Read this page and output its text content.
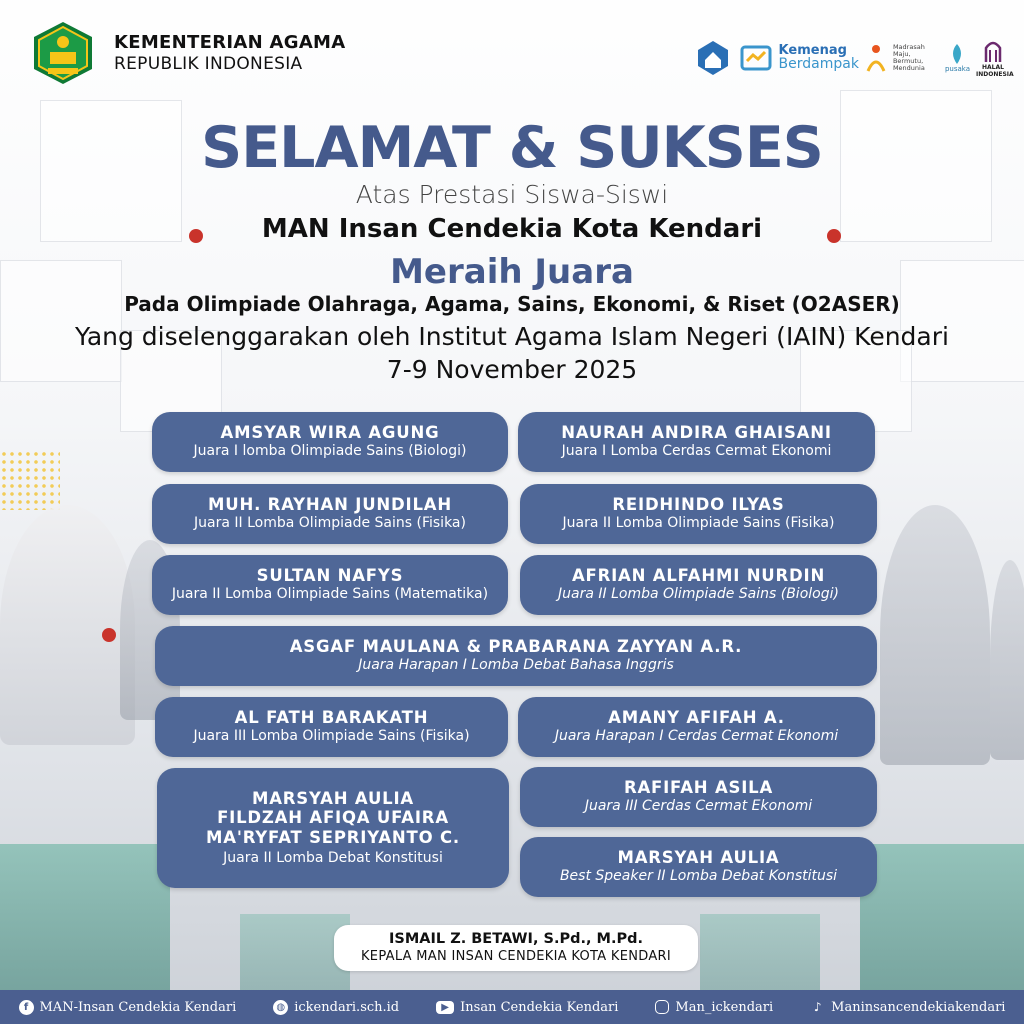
KEMENTERIAN AGAMA
REPUBLIK INDONESIA
Kemenag
Berdampak
Madrasah Maju, Bermutu, Mendunia	pusaka	HALAL INDONESIA
SELAMAT & SUKSES
Atas Prestasi Siswa-Siswi
MAN Insan Cendekia Kota Kendari
Meraih Juara
Pada Olimpiade Olahraga, Agama, Sains, Ekonomi, & Riset (O2ASER)
Yang diselenggarakan oleh Institut Agama Islam Negeri (IAIN) Kendari
7-9 November 2025
AMSYAR WIRA AGUNG
Juara I lomba Olimpiade Sains (Biologi)
NAURAH ANDIRA GHAISANI
Juara I Lomba Cerdas Cermat Ekonomi
MUH. RAYHAN JUNDILAH
Juara II Lomba Olimpiade Sains (Fisika)
REIDHINDO ILYAS
Juara II Lomba Olimpiade Sains (Fisika)
SULTAN NAFYS
Juara II Lomba Olimpiade Sains (Matematika)
AFRIAN ALFAHMI NURDIN
Juara II Lomba Olimpiade Sains (Biologi)
ASGAF MAULANA & PRABARANA ZAYYAN A.R.
Juara Harapan I Lomba Debat Bahasa Inggris
AL FATH BARAKATH
Juara III Lomba Olimpiade Sains (Fisika)
AMANY AFIFAH A.
Juara Harapan I Cerdas Cermat Ekonomi
MARSYAH AULIA
FILDZAH AFIQA UFAIRA
MA'RYFAT SEPRIYANTO C.
Juara II Lomba Debat Konstitusi
RAFIFAH ASILA
Juara III Cerdas Cermat Ekonomi
MARSYAH AULIA
Best Speaker II Lomba Debat Konstitusi
ISMAIL Z. BETAWI, S.Pd., M.Pd.
KEPALA MAN INSAN CENDEKIA KOTA KENDARI
f MAN-Insan Cendekia Kendari	◍ ickendari.sch.id	▶ Insan Cendekia Kendari	Man_ickendari	♪ Maninsancendekiakendari
